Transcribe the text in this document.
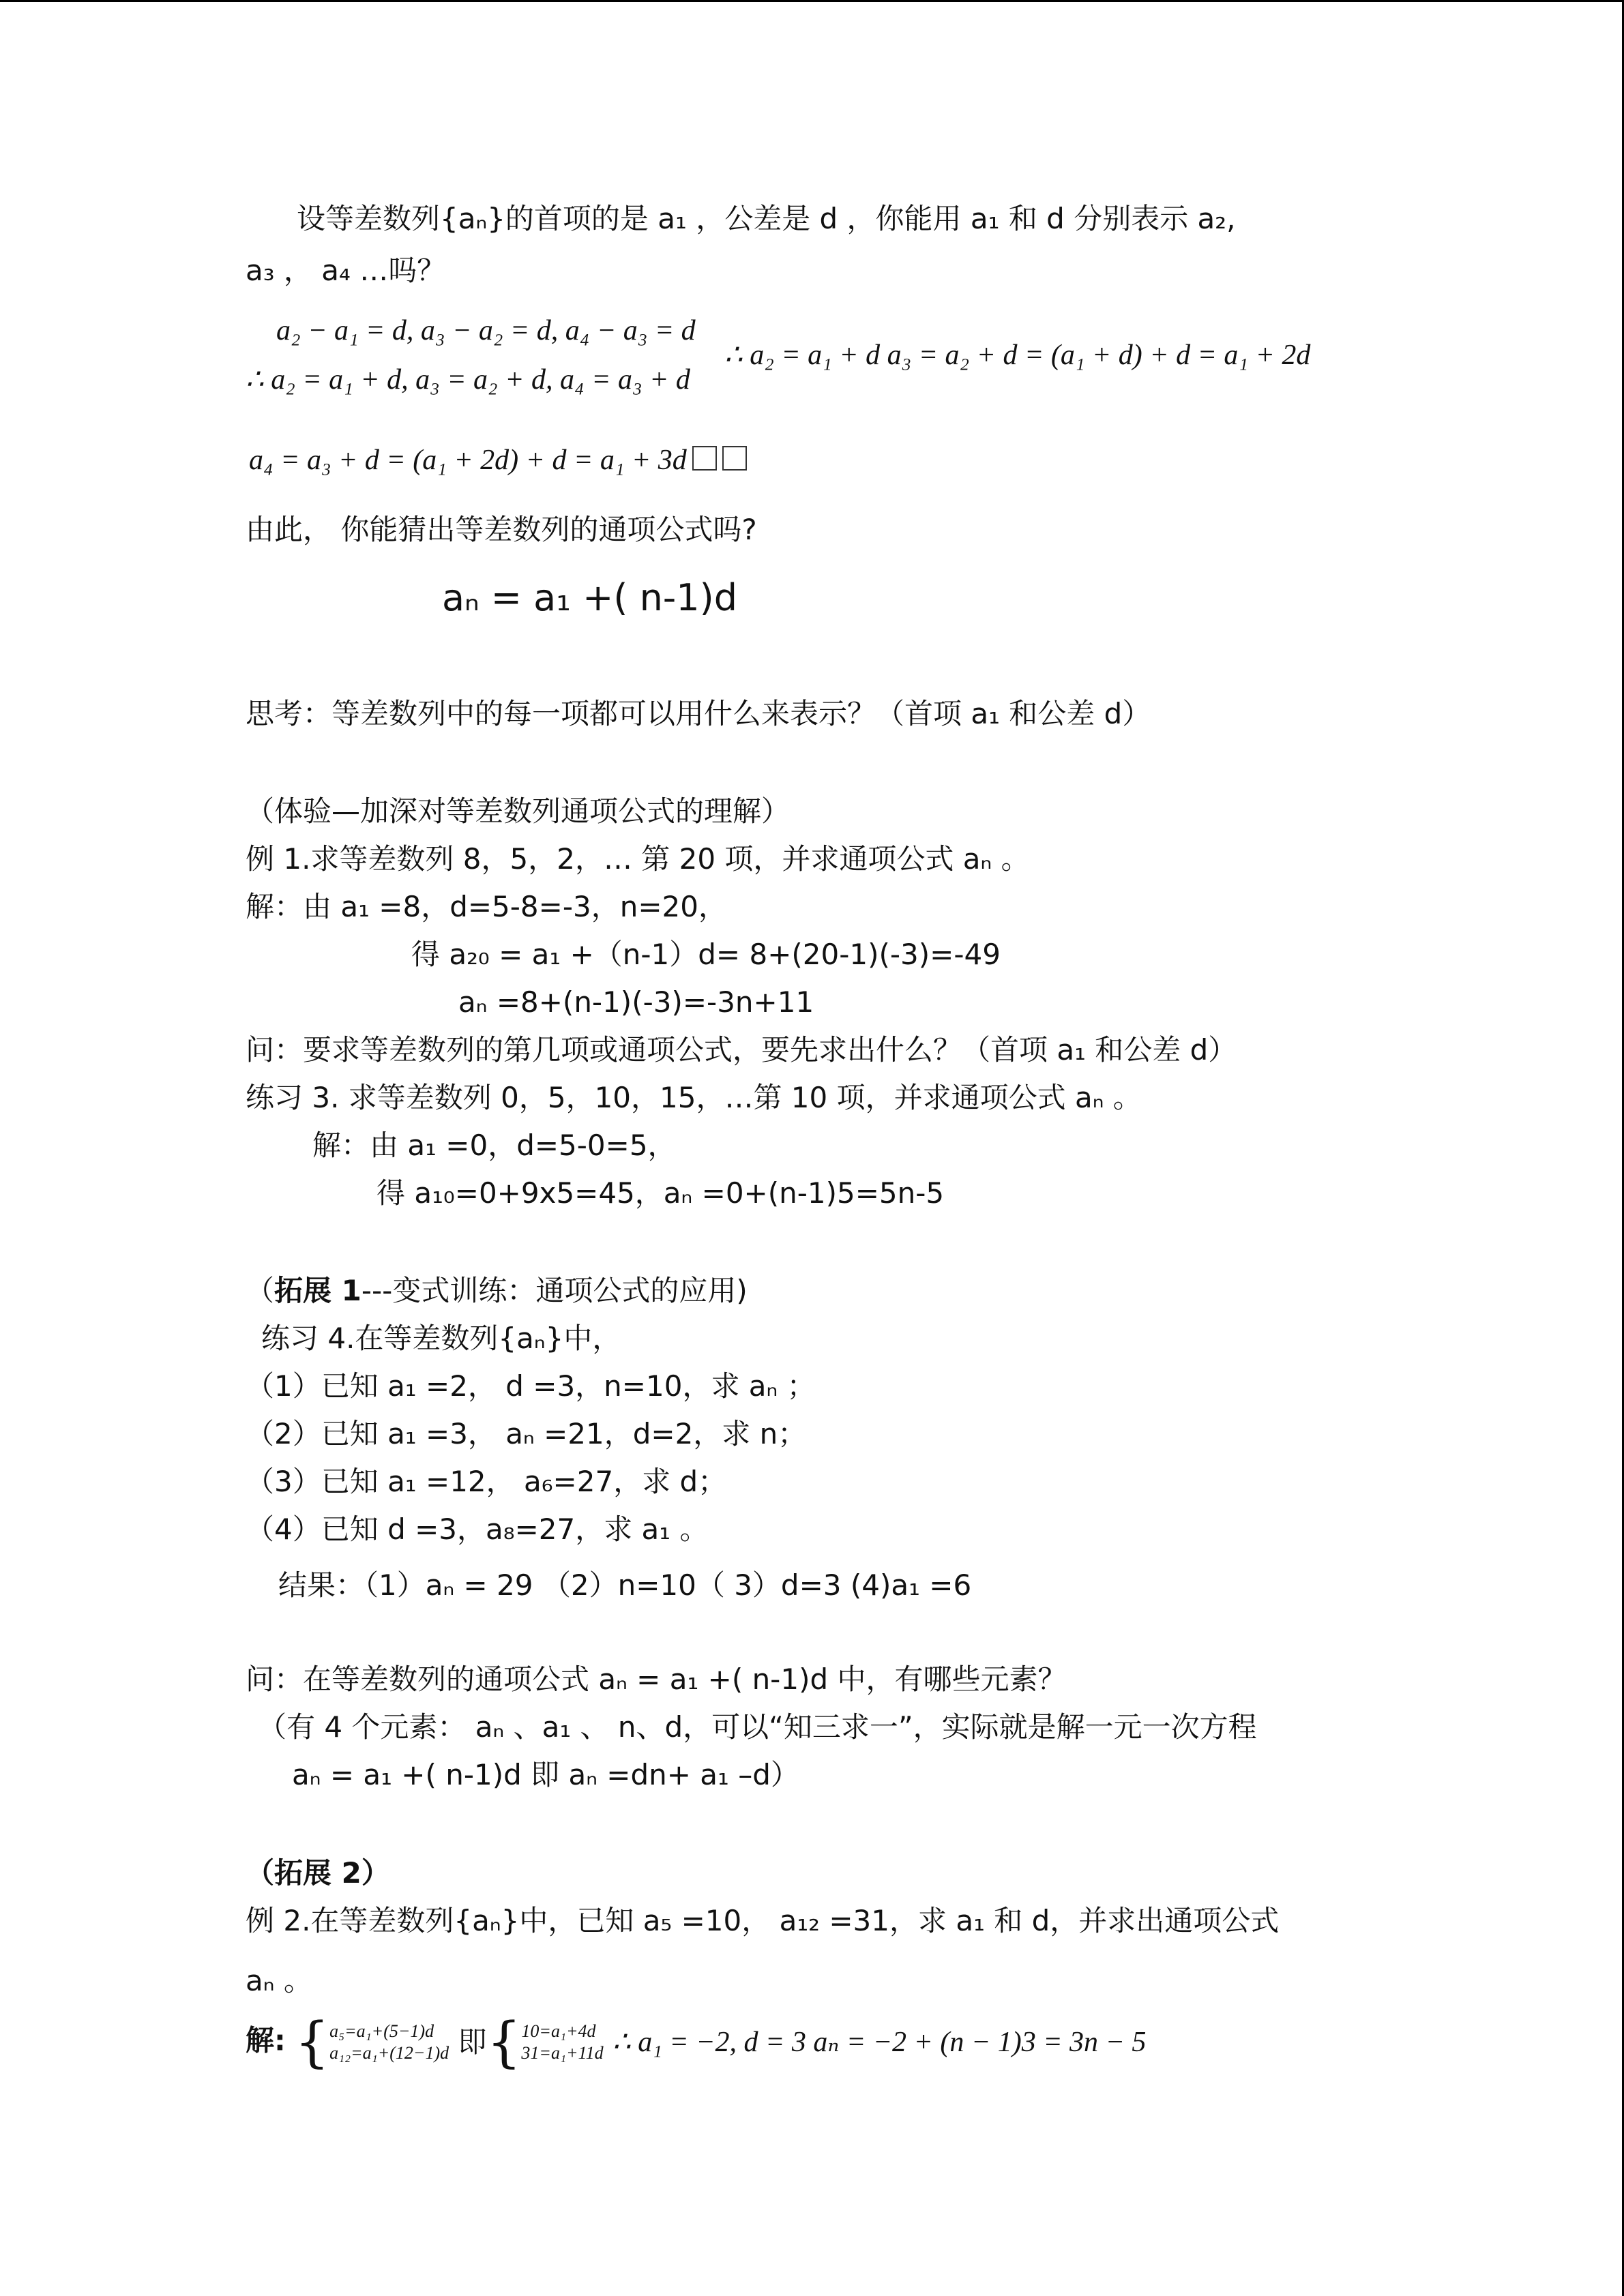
设等差数列{aₙ}的首项的是 a₁ ，公差是 d ，你能用 a₁ 和 d 分别表示 a₂,
a₃ ， a₄ …吗？
a₂ − a₁ = d, a₃ − a₂ = d, a₄ − a₃ = d
∴ a₂ = a₁ + d, a₃ = a₂ + d, a₄ = a₃ + d
∴ a₂ = a₁ + d a₃ = a₂ + d = (a₁ + d) + d = a₁ + 2d
a₄ = a₃ + d = (a₁ + 2d) + d = a₁ + 3d
由此， 你能猜出等差数列的通项公式吗?
aₙ = a₁ +( n-1)d
思考：等差数列中的每一项都可以用什么来表示？（首项 a₁ 和公差 d）
（体验—加深对等差数列通项公式的理解）
例 1.求等差数列 8，5，2，… 第 20 项，并求通项公式 aₙ 。
解：由 a₁ =8，d=5-8=-3，n=20，
得 a₂₀ = a₁ +（n-1）d= 8+(20-1)(-3)=-49
aₙ =8+(n-1)(-3)=-3n+11
问：要求等差数列的第几项或通项公式，要先求出什么？（首项 a₁ 和公差 d）
练习 3. 求等差数列 0，5，10，15，…第 10 项，并求通项公式 aₙ 。
解：由 a₁ =0，d=5-0=5，
得 a₁₀=0+9x5=45，aₙ =0+(n-1)5=5n-5
（拓展 1---变式训练：通项公式的应用)
练习 4.在等差数列{aₙ}中，
（1）已知 a₁ =2， d =3，n=10，求 aₙ ；
（2）已知 a₁ =3， aₙ =21，d=2，求 n；
（3）已知 a₁ =12， a₆=27，求 d；
（4）已知 d =3，a₈=27，求 a₁ 。
结果：（1）aₙ = 29 （2）n=10（ 3）d=3 (4)a₁ =6
问：在等差数列的通项公式 aₙ = a₁ +( n-1)d 中，有哪些元素？
（有 4 个元素： aₙ 、a₁ 、 n、d，可以“知三求一”，实际就是解一元一次方程
aₙ = a₁ +( n-1)d 即 aₙ =dn+ a₁ –d）
（拓展 2）
例 2.在等差数列{aₙ}中，已知 a₅ =10， a₁₂ =31，求 a₁ 和 d，并求出通项公式
aₙ 。
解: {a₅=a₁+(5−1)d
a₁₂=a₁+(12−1)d 即{10=a₁+4d
31=a₁+11d ∴ a₁ = −2, d = 3 aₙ = −2 + (n − 1)3 = 3n − 5
